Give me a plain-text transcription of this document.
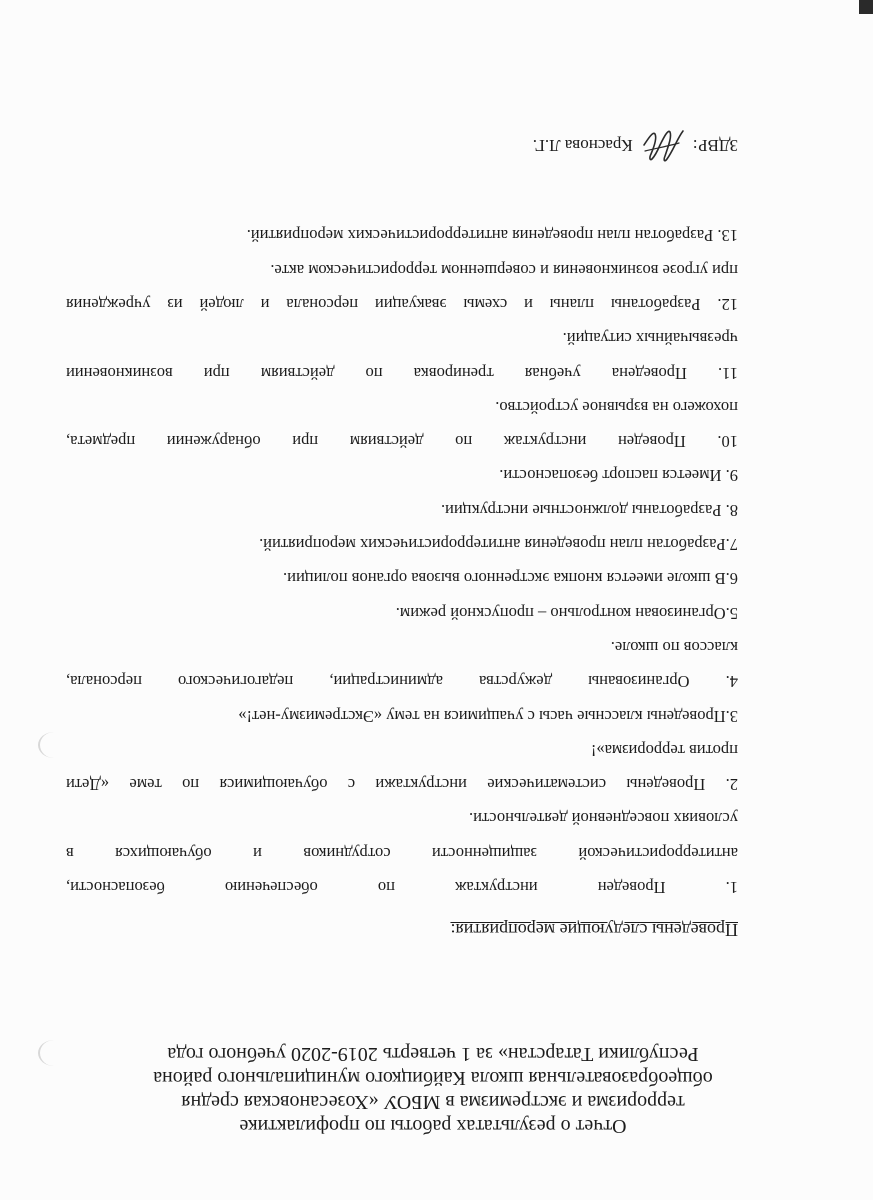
Отчет о результатах работы по профилактике
терроризма и экстремизма в МБОУ «Хозесановская средня
общеобразовательная школа Кайбицкого муниципального района
Республики Татарстан» за 1 четверть 2019-2020 учебного года
Проведены следующие мероприятия:
1. Проведен инструктаж по обеспечению безопасности,
антитеррористической защищенности сотрудников и обучающихся в
условиях повседневной деятельности.
2. Проведены систематические инструктажи с обучающимися по теме «Дети
против терроризма»!
3.Проведены классные часы с учащимися на тему «Экстремизму-нет!»
4. Организованы дежурства администрации, педагогического персонала,
классов по школе.
5.Организован контрольно – пропускной режим.
6.В школе имеется кнопка экстренного вызова органов полиции.
7.Разработан план проведения антитеррористических мероприятий.
8. Разработаны должностные инструкции.
9. Имеется паспорт безопасности.
10. Проведен инструктаж по действиям при обнаружении предмета,
похожего на взрывное устройство.
11. Проведена учебная тренировка по действиям при возникновении
чрезвычайных ситуаций.
12. Разработаны планы и схемы эвакуации персонала и людей из учреждения
при угрозе возникновения и совершенном террористическом акте.
13. Разработан план проведения антитеррористических мероприятий.
ЗДВР:
Краснова Л.Г.
